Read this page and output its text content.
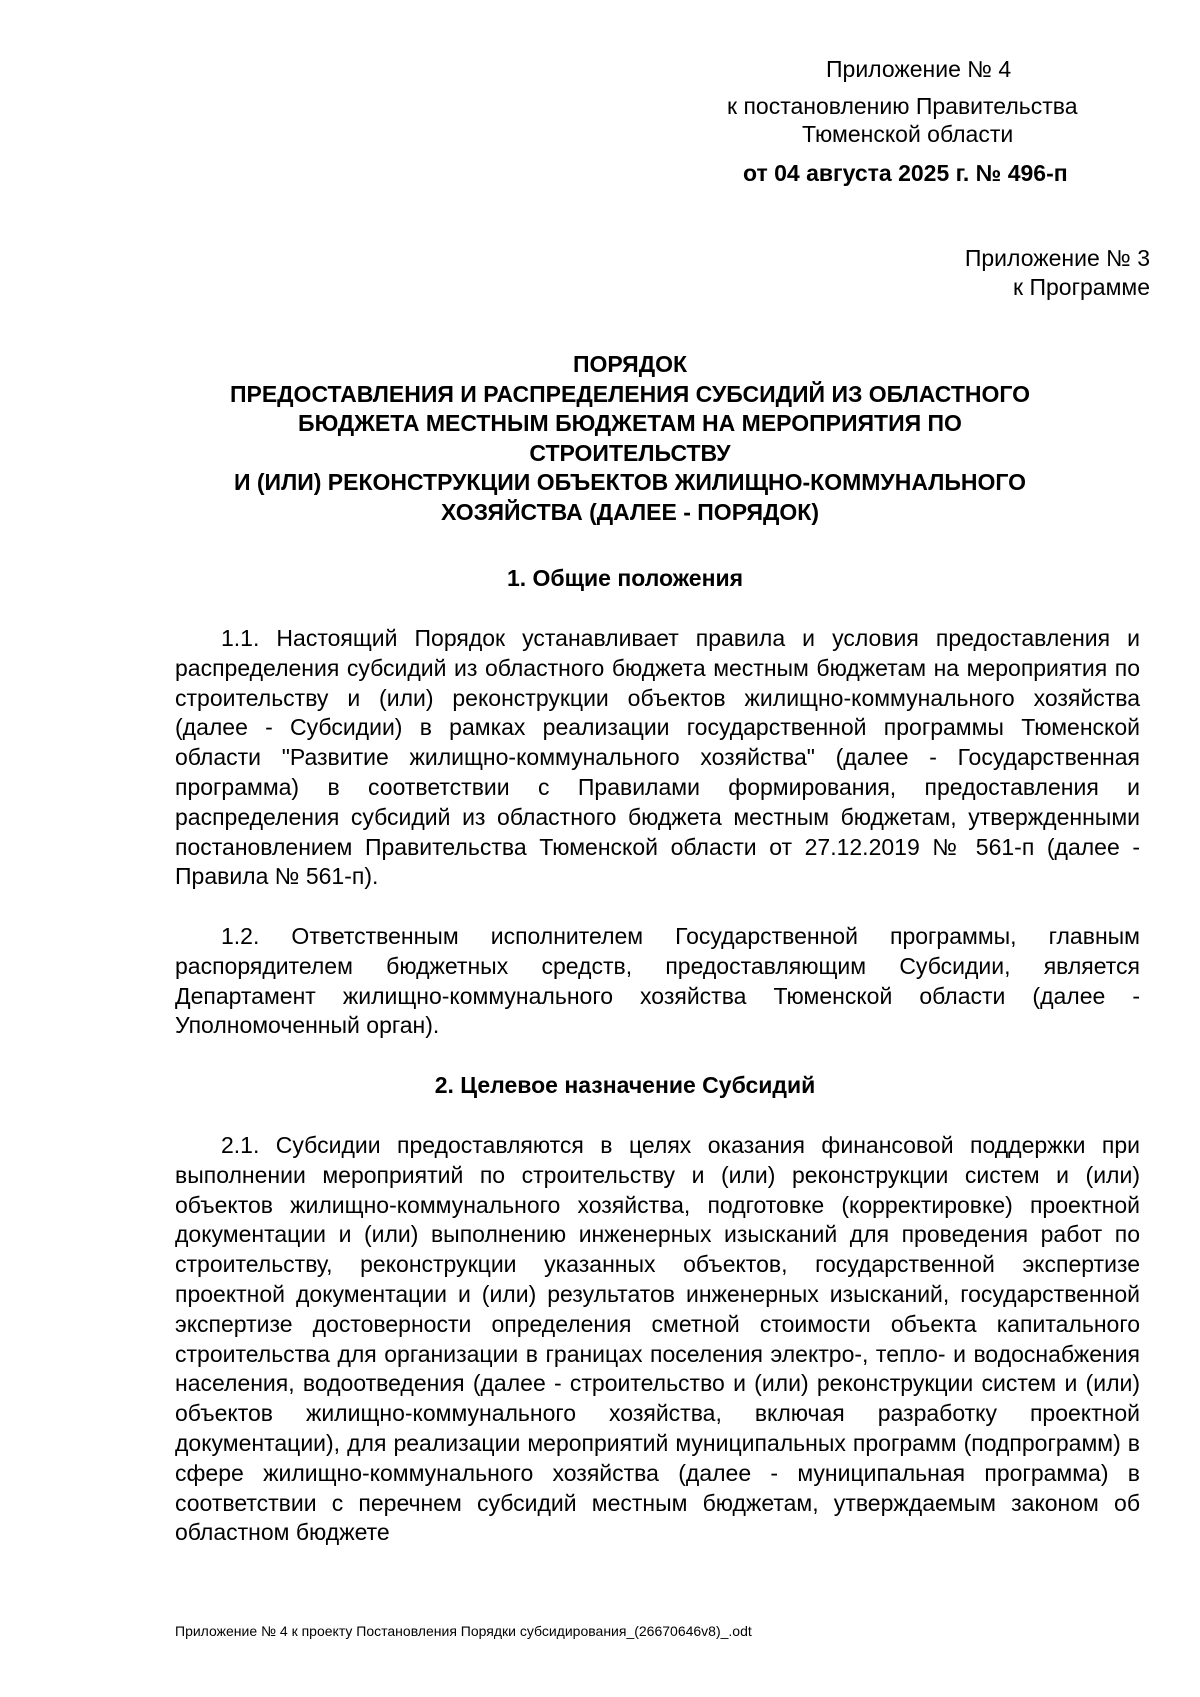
Приложение № 4
к постановлению Правительства
Тюменской области
от 04 августа 2025 г. № 496-п
Приложение № 3
к Программе
ПОРЯДОК
ПРЕДОСТАВЛЕНИЯ И РАСПРЕДЕЛЕНИЯ СУБСИДИЙ ИЗ ОБЛАСТНОГО
БЮДЖЕТА МЕСТНЫМ БЮДЖЕТАМ НА МЕРОПРИЯТИЯ ПО
СТРОИТЕЛЬСТВУ
И (ИЛИ) РЕКОНСТРУКЦИИ ОБЪЕКТОВ ЖИЛИЩНО-КОММУНАЛЬНОГО
ХОЗЯЙСТВА (ДАЛЕЕ - ПОРЯДОК)
1. Общие положения

1.1. Настоящий Порядок устанавливает правила и условия предоставления и распределения субсидий из областного бюджета местным бюджетам на мероприятия по строительству и (или) реконструкции объектов жилищно-коммунального хозяйства (далее - Субсидии) в рамках реализации государственной программы Тюменской области "Развитие жилищно-коммунального хозяйства" (далее - Государственная программа) в соответствии с Правилами формирования, предоставления и распределения субсидий из областного бюджета местным бюджетам, утвержденными постановлением Правительства Тюменской области от 27.12.2019 № 561-п (далее - Правила № 561-п).

1.2. Ответственным исполнителем Государственной программы, главным распорядителем бюджетных средств, предоставляющим Субсидии, является Департамент жилищно-коммунального хозяйства Тюменской области (далее - Уполномоченный орган).

2. Целевое назначение Субсидий

2.1. Субсидии предоставляются в целях оказания финансовой поддержки при выполнении мероприятий по строительству и (или) реконструкции систем и (или) объектов жилищно-коммунального хозяйства, подготовке (корректировке) проектной документации и (или) выполнению инженерных изысканий для проведения работ по строительству, реконструкции указанных объектов, государственной экспертизе проектной документации и (или) результатов инженерных изысканий, государственной экспертизе достоверности определения сметной стоимости объекта капитального строительства для организации в границах поселения электро-, тепло- и водоснабжения населения, водоотведения (далее - строительство и (или) реконструкции систем и (или) объектов жилищно-коммунального хозяйства, включая разработку проектной документации), для реализации мероприятий муниципальных программ (подпрограмм) в сфере жилищно-коммунального хозяйства (далее - муниципальная программа) в соответствии с перечнем субсидий местным бюджетам, утверждаемым законом об областном бюджете

Приложение № 4 к проекту Постановления Порядки субсидирования_(26670646v8)_.odt
